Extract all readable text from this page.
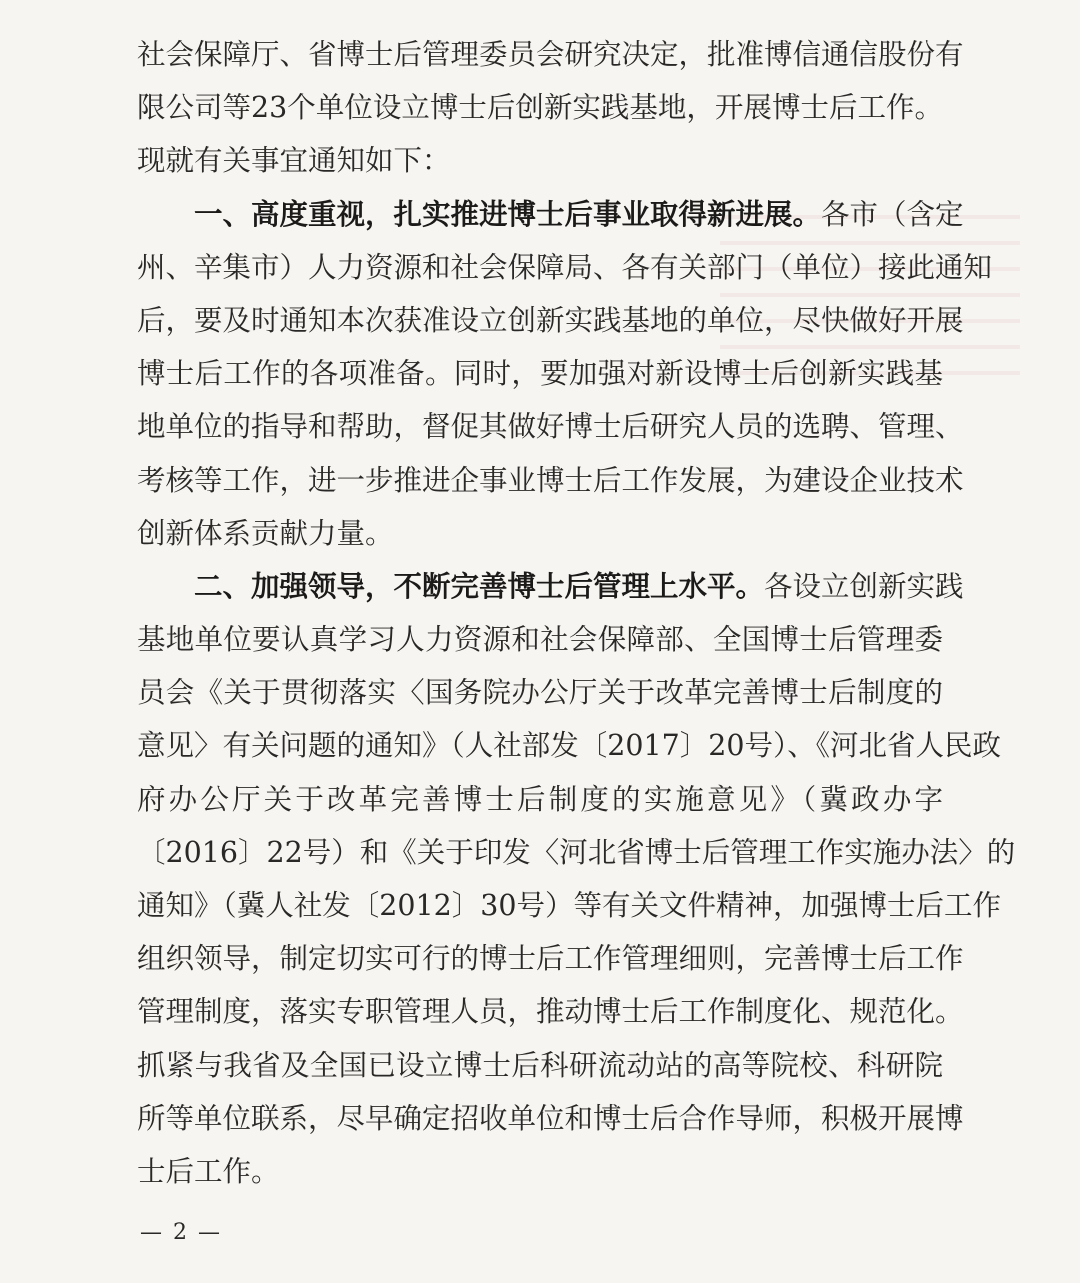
社会保障厅、省博士后管理委员会研究决定，批准博信通信股份有
限公司等23个单位设立博士后创新实践基地，开展博士后工作。
现就有关事宜通知如下：
一、高度重视，扎实推进博士后事业取得新进展。各市（含定
州、辛集市）人力资源和社会保障局、各有关部门（单位）接此通知
后，要及时通知本次获准设立创新实践基地的单位，尽快做好开展
博士后工作的各项准备。同时，要加强对新设博士后创新实践基
地单位的指导和帮助，督促其做好博士后研究人员的选聘、管理、
考核等工作，进一步推进企事业博士后工作发展，为建设企业技术
创新体系贡献力量。
二、加强领导，不断完善博士后管理上水平。各设立创新实践
基地单位要认真学习人力资源和社会保障部、全国博士后管理委
员会《关于贯彻落实〈国务院办公厅关于改革完善博士后制度的
意见〉有关问题的通知》（人社部发〔2017〕20号）、《河北省人民政
府办公厅关于改革完善博士后制度的实施意见》（冀政办字
〔2016〕22号）和《关于印发〈河北省博士后管理工作实施办法〉的
通知》（冀人社发〔2012〕30号）等有关文件精神，加强博士后工作
组织领导，制定切实可行的博士后工作管理细则，完善博士后工作
管理制度，落实专职管理人员，推动博士后工作制度化、规范化。
抓紧与我省及全国已设立博士后科研流动站的高等院校、科研院
所等单位联系，尽早确定招收单位和博士后合作导师，积极开展博
士后工作。
— 2 —
